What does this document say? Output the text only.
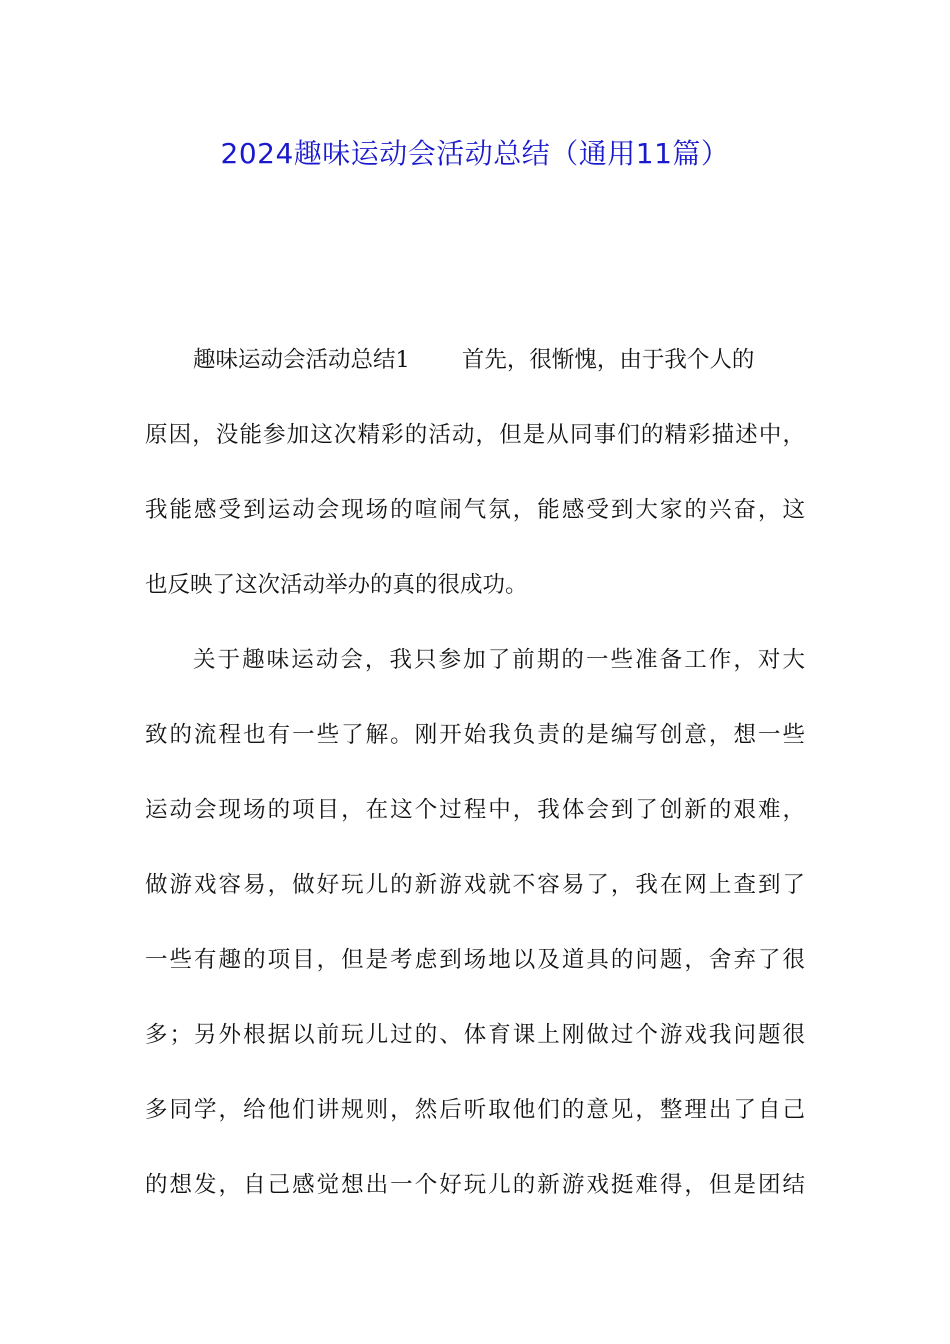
2024趣味运动会活动总结（通用11篇）
趣味运动会活动总结1 首先，很惭愧，由于我个人的
原因，没能参加这次精彩的活动，但是从同事们的精彩描述中，
我能感受到运动会现场的喧闹气氛，能感受到大家的兴奋，这
也反映了这次活动举办的真的很成功。
关于趣味运动会，我只参加了前期的一些准备工作，对大
致的流程也有一些了解。刚开始我负责的是编写创意，想一些
运动会现场的项目，在这个过程中，我体会到了创新的艰难，
做游戏容易，做好玩儿的新游戏就不容易了，我在网上查到了
一些有趣的项目，但是考虑到场地以及道具的问题，舍弃了很
多；另外根据以前玩儿过的、体育课上刚做过个游戏我问题很
多同学，给他们讲规则，然后听取他们的意见，整理出了自己
的想发，自己感觉想出一个好玩儿的新游戏挺难得，但是团结
